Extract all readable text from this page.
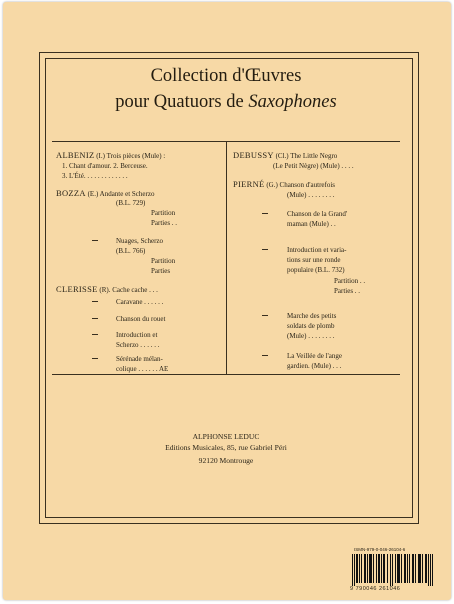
Collection d'Œuvres
pour Quatuors de Saxophones
ALBENIZ (I.) Trois pièces (Mule) :
1. Chant d'amour. 2. Berceuse.
3. L'Été. . . . . . . . . . . . .
BOZZA (E.) Andante et Scherzo
(B.L. 729)
Partition
Parties . .
Nuages, Scherzo
(B.L. 766)
Partition
Parties
CLERISSE (R). Cache cache . . .
Caravane . . . . . .
Chanson du rouet
Introduction et
Scherzo . . . . . .
Sérénade mélan-
colique . . . . . . AE
DEBUSSY (Cl.) The Little Negro
(Le Petit Nègre) (Mule) . . . .
PIERNÉ (G.) Chanson d'autrefois
(Mule) . . . . . . . .
Chanson de la Grand'
maman (Mule) . .
Introduction et varia-
tions sur une ronde
populaire (B.L. 732)
Partition . .
Parties . .
Marche des petits
soldats de plomb
(Mule) . . . . . . . .
La Veillée de l'ange
gardien. (Mule) . . .
ALPHONSE LEDUC
Editions Musicales, 85, rue Gabriel Péri
92120 Montrouge
ISMN-979-0-046-26104-6
9 790046 261046
